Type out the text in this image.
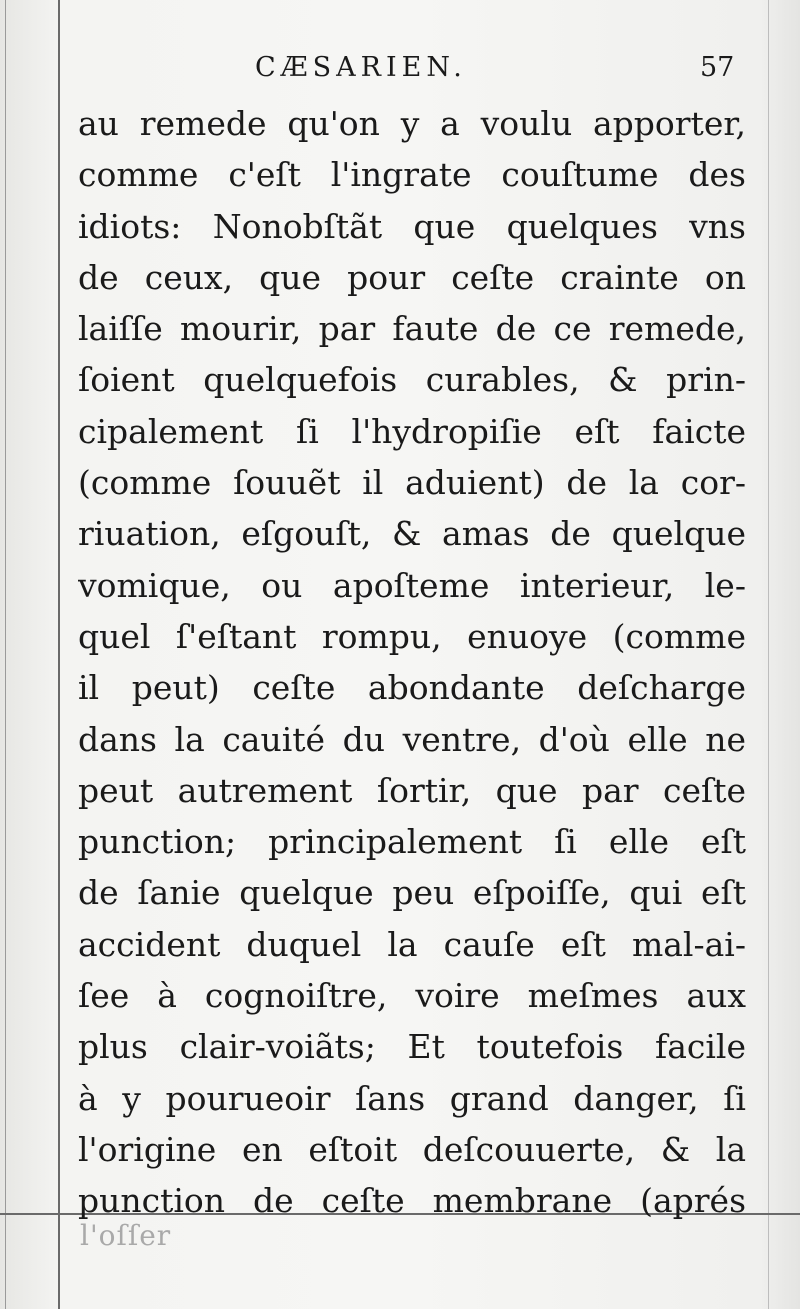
CÆSARIEN.	57
au remede qu'on y a voulu apporter,
comme c'eſt l'ingrate couſtume des
idiots: Nonobſtãt que quelques vns
de ceux, que pour ceſte crainte on
laiſſe mourir, par faute de ce remede,
ſoient quelquefois curables, & prin-
cipalement ſi l'hydropiſie eſt faicte
(comme ſouuẽt il aduient) de la cor-
riuation, eſgouſt, & amas de quelque
vomique, ou apoſteme interieur, le-
quel ſ'eſtant rompu, enuoye (comme
il peut) ceſte abondante deſcharge
dans la cauité du ventre, d'où elle ne
peut autrement ſortir, que par ceſte
punction; principalement ſi elle eſt
de ſanie quelque peu eſpoiſſe, qui eſt
accident duquel la cauſe eſt mal-ai-
ſee à cognoiſtre, voire meſmes aux
plus clair-voiãts; Et toutefois facile
à y pourueoir ſans grand danger, ſi
l'origine en eſtoit deſcouuerte, & la
punction de ceſte membrane (aprés
l'oſſer
